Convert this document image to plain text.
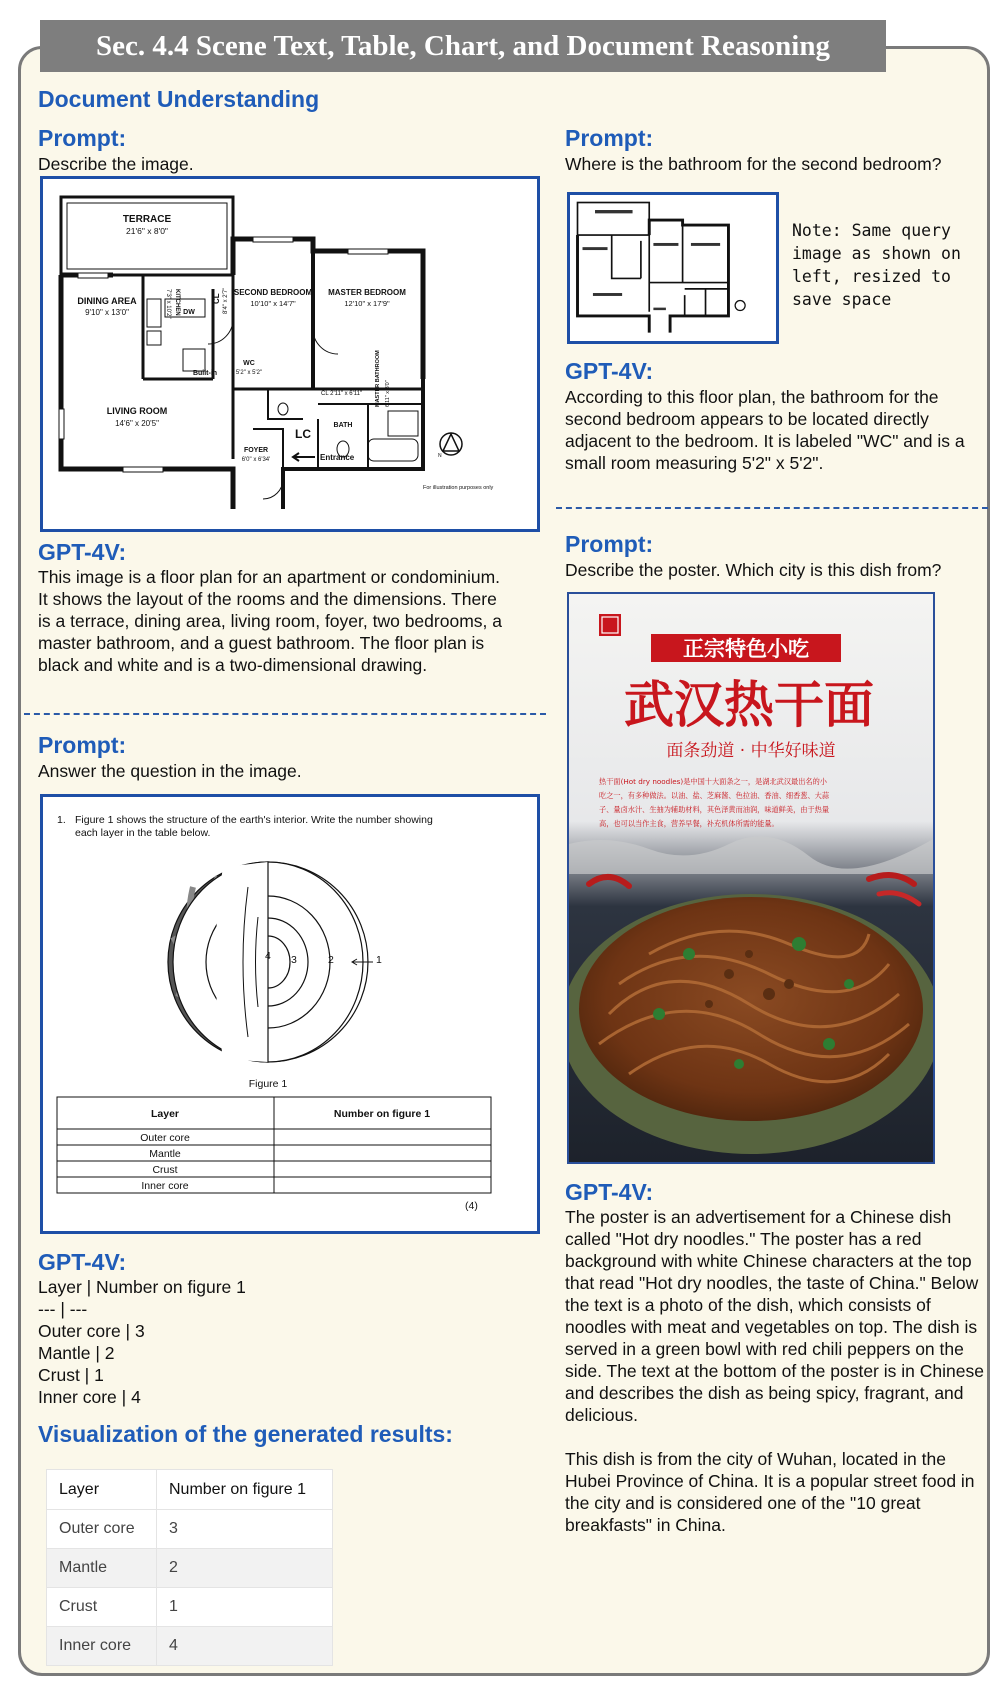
Sec. 4.4 Scene Text, Table, Chart, and Document Reasoning
Document Understanding
Prompt:
Describe the image.
TERRACE
21'6" x 8'0"
DINING AREA
9'10" x 13'0"	KITCHEN
7'3" x 10'2" DW
CL 8'4" x 2'7" SECOND BEDROOM
10'10" x 14'7"
MASTER BEDROOM
12'10" x 17'9"
LIVING ROOM
14'6" x 20'5"
Built-in
WC
5'2" x 5'2"
CL 2'11" x 6'11" MASTER BATHROOM 6'11" x 8'0"
BATH
LC
FOYER
6'0" x 6'34'	Entrance	N
For illustration purposes only
GPT-4V:
This image is a floor plan for an apartment or condominium. It shows the layout of the rooms and the dimensions. There is a terrace, dining area, living room, foyer, two bedrooms, a master bathroom, and a guest bathroom. The floor plan is black and white and is a two-dimensional drawing.
Prompt:
Answer the question in the image.
1. Figure 1 shows the structure of the earth's interior. Write the number showing
each layer in the table below.
4 3	2	1
Figure 1
Layer	Number on figure 1
Outer core
Mantle
Crust
Inner core
(4)
GPT-4V:
Layer | Number on figure 1
--- | ---
Outer core | 3
Mantle | 2
Crust | 1
Inner core | 4
Visualization of the generated results:
Layer	Number on figure 1
Outer core	3
Mantle	2
Crust	1
Inner core	4
Prompt:
Where is the bathroom for the second bedroom?
Note: Same query
image as shown on
left, resized to
save space
GPT-4V:
According to this floor plan, the bathroom for the second bedroom appears to be located directly adjacent to the bedroom. It is labeled "WC" and is a small room measuring 5'2" x 5'2".
Prompt:
Describe the poster. Which city is this dish from?
正宗特色小吃
武汉热干面
面条劲道 · 中华好味道
热干面(Hot dry noodles)是中国十大面条之一，是湖北武汉最出名的小
吃之一，有多种做法。以油、盐、芝麻酱、色拉油、香油、细香葱、大蒜
子、量卤水汁、生抽为辅助材料，其色泽黄而油润，味道鲜美，由于热量
高，也可以当作主食，营养早餐，补充机体所需的能量。
GPT-4V:
The poster is an advertisement for a Chinese dish called "Hot dry noodles." The poster has a red background with white Chinese characters at the top that read "Hot dry noodles, the taste of China." Below the text is a photo of the dish, which consists of noodles with meat and vegetables on top. The dish is served in a green bowl with red chili peppers on the side. The text at the bottom of the poster is in Chinese and describes the dish as being spicy, fragrant, and delicious.
This dish is from the city of Wuhan, located in the Hubei Province of China. It is a popular street food in the city and is considered one of the "10 great breakfasts" in China.
